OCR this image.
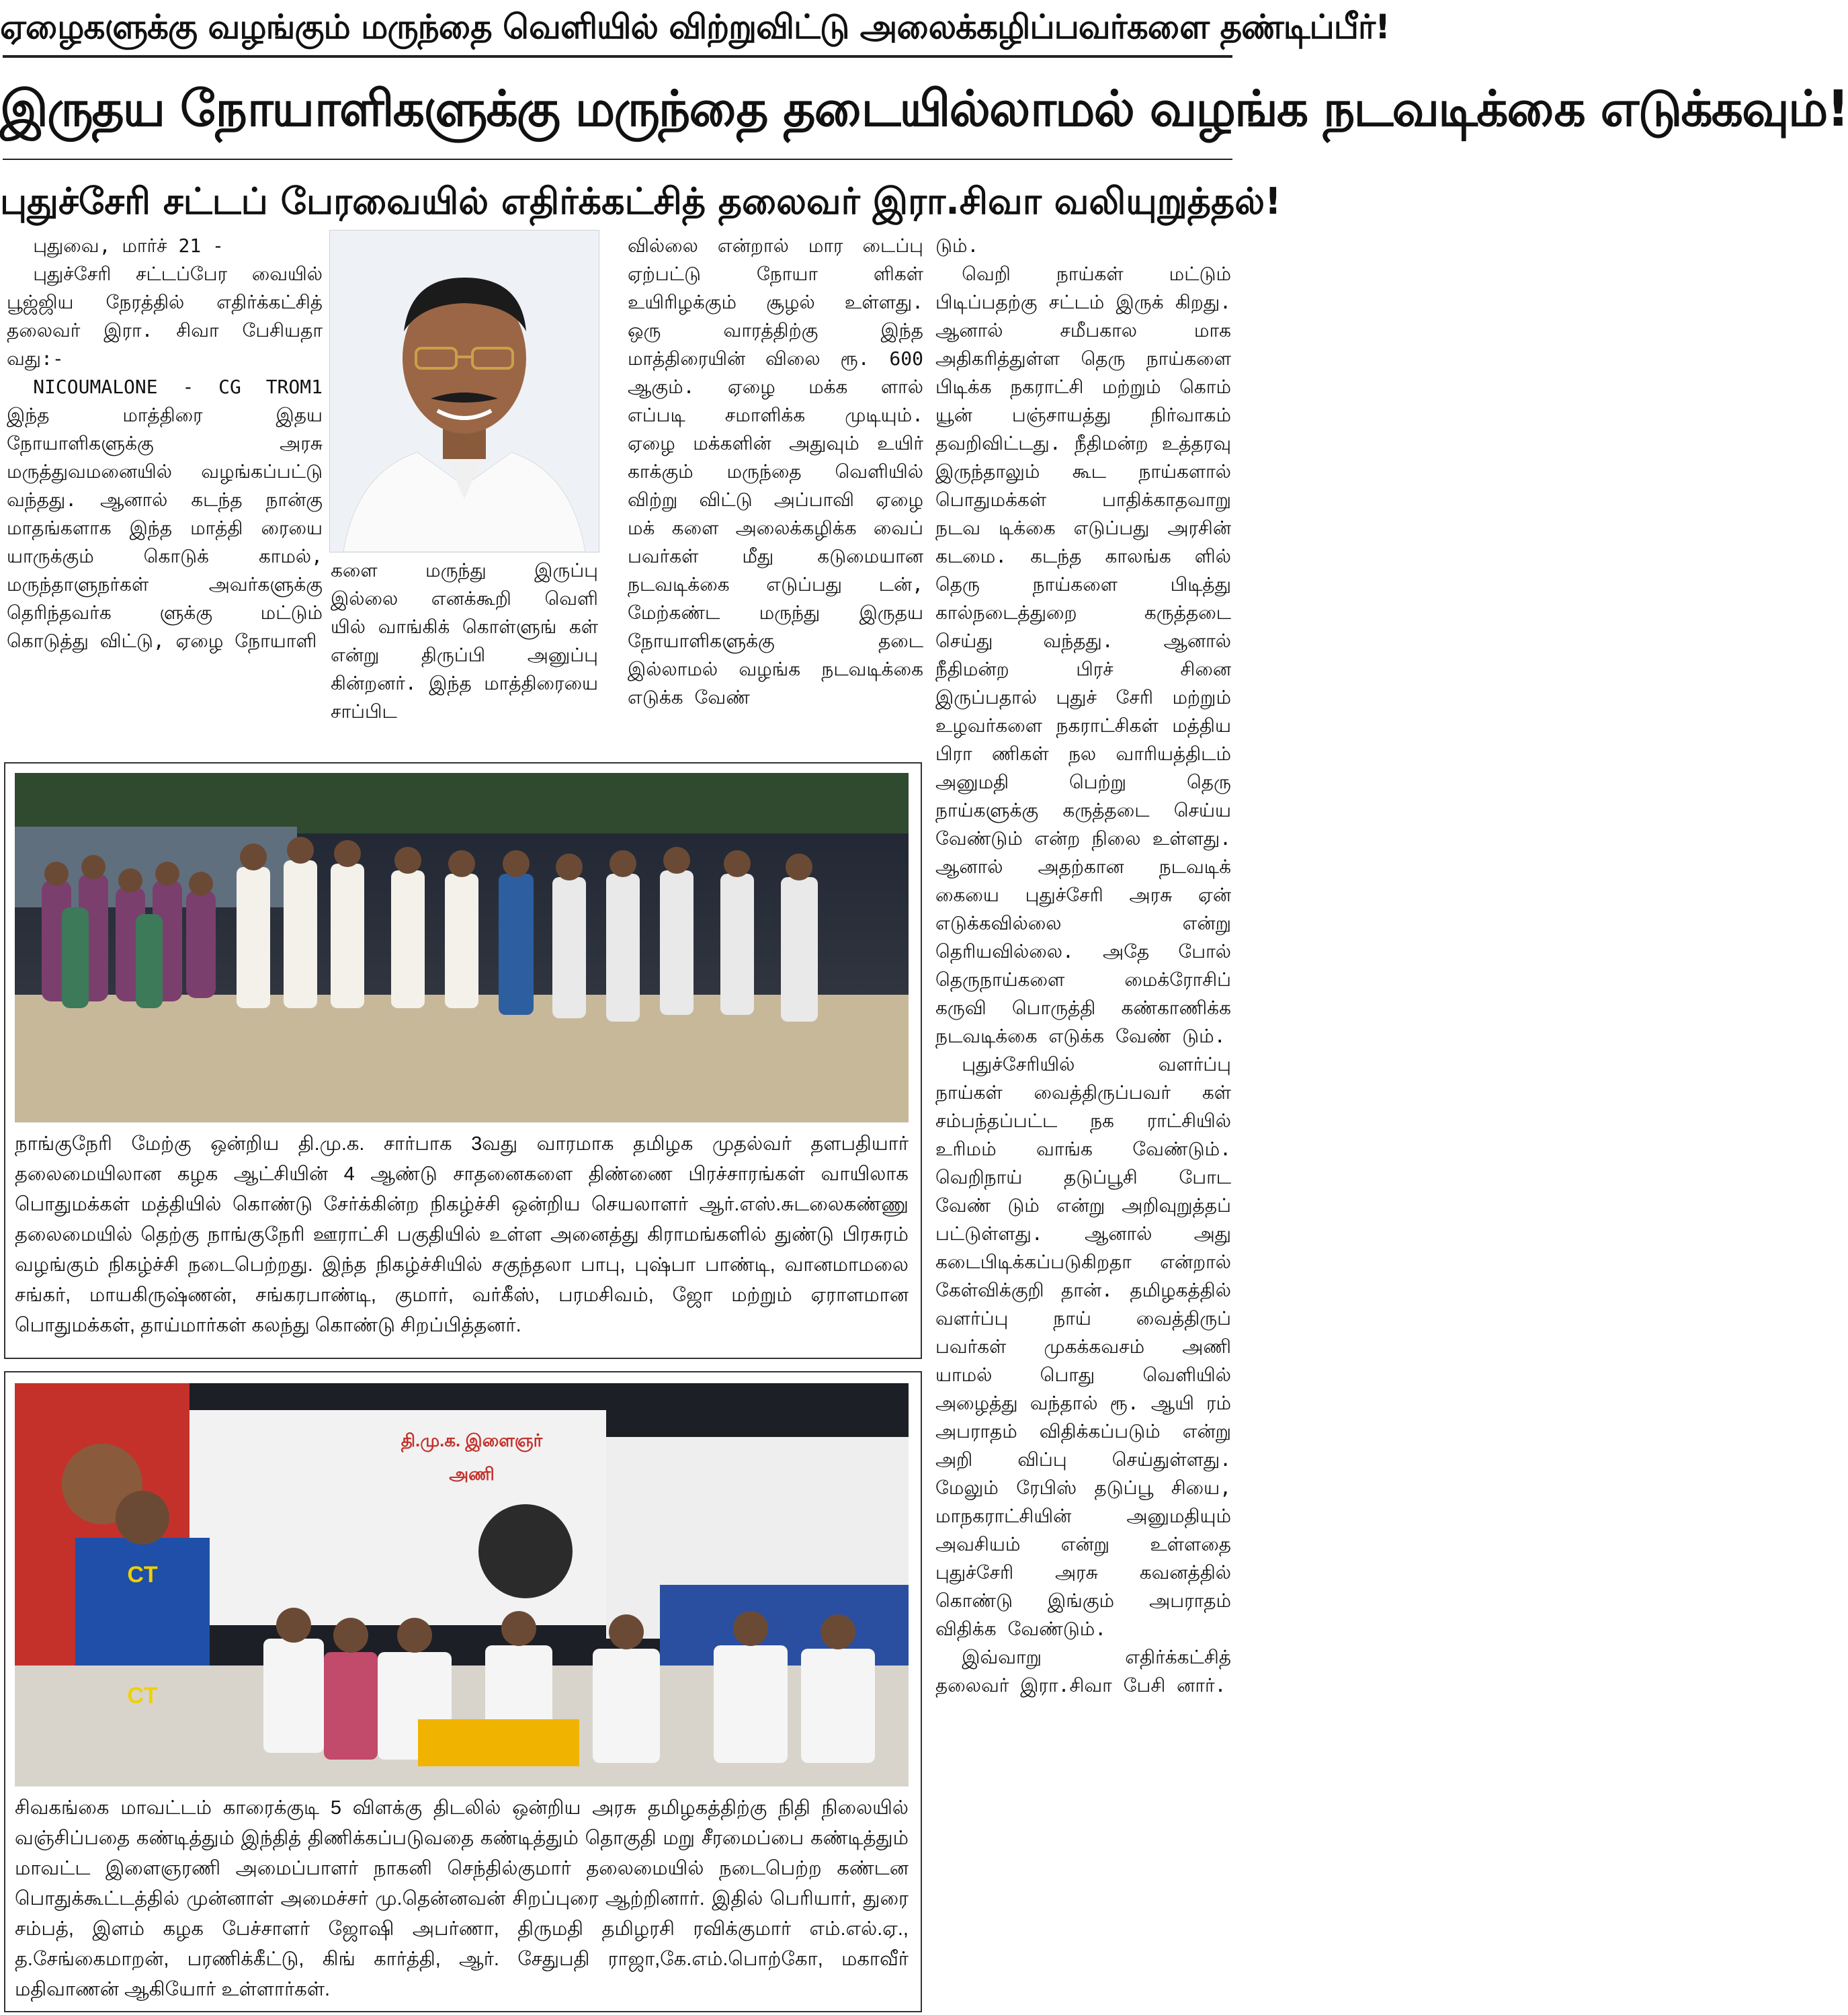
ஏழைகளுக்கு வழங்கும் மருந்தை வெளியில் விற்றுவிட்டு அலைக்கழிப்பவர்களை தண்டிப்பீர்!
இருதய நோயாளிகளுக்கு மருந்தை தடையில்லாமல் வழங்க நடவடிக்கை எடுக்கவும்!
புதுச்சேரி சட்டப் பேரவையில் எதிர்க்கட்சித் தலைவர் இரா.சிவா வலியுறுத்தல்!

புதுவை, மார்ச் 21 -

புதுச்சேரி சட்டப்பேர வையில் பூஜ்ஜிய நேரத்தில் எதிர்க்கட்சித் தலைவர் இரா. சிவா பேசியதா வது:-

NICOUMALONE - CG TROM1 இந்த மாத்திரை இதய நோயாளிகளுக்கு அரசு மருத்துவமனையில் வழங்கப்பட்டு வந்தது. ஆனால் கடந்த நான்கு மாதங்களாக இந்த மாத்தி ரையை யாருக்கும் கொடுக் காமல், மருந்தாளுநர்கள் அவர்களுக்கு தெரிந்தவர்க ளுக்கு மட்டும் கொடுத்து விட்டு, ஏழை நோயாளி

களை மருந்து இருப்பு இல்லை எனக்கூறி வெளி யில் வாங்கிக் கொள்ளுங் கள் என்று திருப்பி அனுப்பு கின்றனர். இந்த மாத்திரையை சாப்பிட

வில்லை என்றால் மார டைப்பு ஏற்பட்டு நோயா ளிகள் உயிரிழக்கும் சூழல் உள்ளது. ஒரு வாரத்திற்கு இந்த மாத்திரையின் விலை ரூ. 600 ஆகும். ஏழை மக்க ளால் எப்படி சமாளிக்க முடியும். ஏழை மக்களின் அதுவும் உயிர் காக்கும் மருந்தை வெளியில் விற்று விட்டு அப்பாவி ஏழை மக் களை அலைக்கழிக்க வைப் பவர்கள் மீது கடுமையான நடவடிக்கை எடுப்பது டன், மேற்கண்ட மருந்து இருதய நோயாளிகளுக்கு தடை இல்லாமல் வழங்க நடவடிக்கை எடுக்க வேண்

டும்.

வெறி நாய்கள் மட்டும் பிடிப்பதற்கு சட்டம் இருக் கிறது. ஆனால் சமீபகால மாக அதிகரித்துள்ள தெரு நாய்களை பிடிக்க நகராட்சி மற்றும் கொம் யூன் பஞ்சாயத்து நிர்வாகம் தவறிவிட்டது. நீதிமன்ற உத்தரவு இருந்தாலும் கூட நாய்களால் பொதுமக்கள் பாதிக்காதவாறு நடவ டிக்கை எடுப்பது அரசின் கடமை. கடந்த காலங்க ளில் தெரு நாய்களை பிடித்து கால்நடைத்துறை கருத்தடை செய்து வந்தது. ஆனால் நீதிமன்ற பிரச் சினை இருப்பதால் புதுச் சேரி மற்றும் உழவர்களை நகராட்சிகள் மத்திய பிரா ணிகள் நல வாரியத்திடம் அனுமதி பெற்று தெரு நாய்களுக்கு கருத்தடை செய்ய வேண்டும் என்ற நிலை உள்ளது. ஆனால் அதற்கான நடவடிக் கையை புதுச்சேரி அரசு ஏன் எடுக்கவில்லை என்று தெரியவில்லை. அதே போல் தெருநாய்களை மைக்ரோசிப் கருவி பொருத்தி கண்காணிக்க நடவடிக்கை எடுக்க வேண் டும்.

புதுச்சேரியில் வளர்ப்பு நாய்கள் வைத்திருப்பவர் கள் சம்பந்தப்பட்ட நக ராட்சியில் உரிமம் வாங்க வேண்டும். வெறிநாய் தடுப்பூசி போட வேண் டும் என்று அறிவுறுத்தப் பட்டுள்ளது. ஆனால் அது கடைபிடிக்கப்படுகிறதா என்றால் கேள்விக்குறி தான். தமிழகத்தில் வளர்ப்பு நாய் வைத்திருப் பவர்கள் முகக்கவசம் அணி யாமல் பொது வெளியில் அழைத்து வந்தால் ரூ. ஆயி ரம் அபராதம் விதிக்கப்படும் என்று அறி விப்பு செய்துள்ளது. மேலும் ரேபிஸ் தடுப்பூ சியை, மாநகராட்சியின் அனுமதியும் அவசியம் என்று உள்ளதை புதுச்சேரி அரசு கவனத்தில் கொண்டு இங்கும் அபராதம் விதிக்க வேண்டும்.

இவ்வாறு எதிர்க்கட்சித் தலைவர் இரா.சிவா பேசி னார்.

நாங்குநேரி மேற்கு ஒன்றிய தி.மு.க. சார்பாக 3வது வாரமாக தமிழக முதல்வர் தளபதியார் தலைமையிலான கழக ஆட்சியின் 4 ஆண்டு சாதனைகளை திண்ணை பிரச்சாரங்கள் வாயிலாக பொதுமக்கள் மத்தியில் கொண்டு சேர்க்கின்ற நிகழ்ச்சி ஒன்றிய செயலாளர் ஆர்.எஸ்.சுடலைகண்ணு தலைமையில் தெற்கு நாங்குநேரி ஊராட்சி பகுதியில் உள்ள அனைத்து கிராமங்களில் துண்டு பிரசுரம் வழங்கும் நிகழ்ச்சி நடைபெற்றது. இந்த நிகழ்ச்சியில் சகுந்தலா பாபு, புஷ்பா பாண்டி, வானமாமலை சங்கர், மாயகிருஷ்ணன், சங்கரபாண்டி, குமார், வர்கீஸ், பரமசிவம், ஜோ மற்றும் ஏராளமான பொதுமக்கள், தாய்மார்கள் கலந்து கொண்டு சிறப்பித்தனர்.
தி.மு.க. இளைஞர் அணி
CT
CT
சிவகங்கை மாவட்டம் காரைக்குடி 5 விளக்கு திடலில் ஒன்றிய அரசு தமிழகத்திற்கு நிதி நிலையில் வஞ்சிப்பதை கண்டித்தும் இந்தித் திணிக்கப்படுவதை கண்டித்தும் தொகுதி மறு சீரமைப்பை கண்டித்தும் மாவட்ட இளைஞரணி அமைப்பாளர் நாகனி செந்தில்குமார் தலைமையில் நடைபெற்ற கண்டன பொதுக்கூட்டத்தில் முன்னாள் அமைச்சர் மு.தென்னவன் சிறப்புரை ஆற்றினார். இதில் பெரியார், துரை சம்பத், இளம் கழக பேச்சாளர் ஜோஷி அபர்ணா, திருமதி தமிழரசி ரவிக்குமார் எம்.எல்.ஏ., த.சேங்கைமாறன், பரணிக்கீட்டு, கிங் கார்த்தி, ஆர். சேதுபதி ராஜா,கே.எம்.பொற்கோ, மகாவீர் மதிவாணன் ஆகியோர் உள்ளார்கள்.
